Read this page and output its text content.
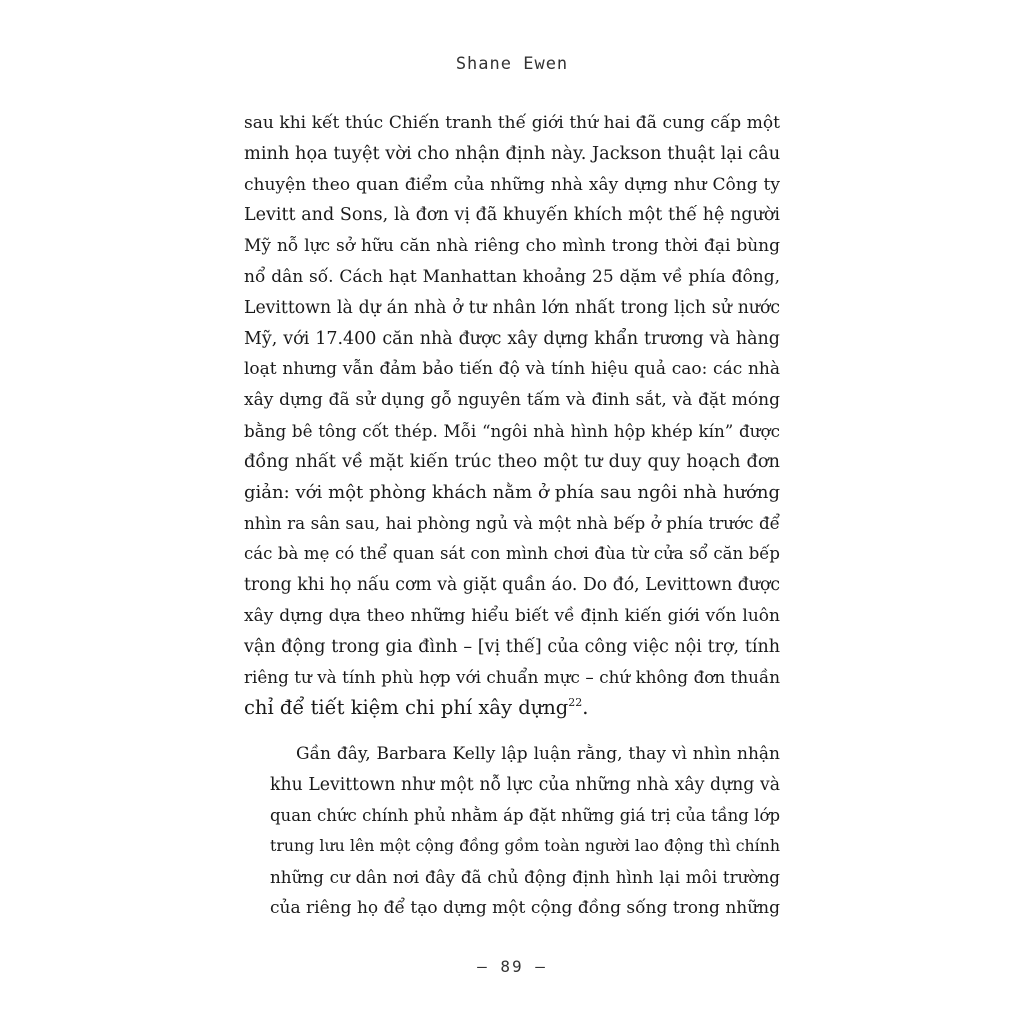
Shane Ewen
sau khi kết thúc Chiến tranh thế giới thứ hai đã cung cấp một
minh họa tuyệt vời cho nhận định này. Jackson thuật lại câu
chuyện theo quan điểm của những nhà xây dựng như Công ty
Levitt and Sons, là đơn vị đã khuyến khích một thế hệ người
Mỹ nỗ lực sở hữu căn nhà riêng cho mình trong thời đại bùng
nổ dân số. Cách hạt Manhattan khoảng 25 dặm về phía đông,
Levittown là dự án nhà ở tư nhân lớn nhất trong lịch sử nước
Mỹ, với 17.400 căn nhà được xây dựng khẩn trương và hàng
loạt nhưng vẫn đảm bảo tiến độ và tính hiệu quả cao: các nhà
xây dựng đã sử dụng gỗ nguyên tấm và đinh sắt, và đặt móng
bằng bê tông cốt thép. Mỗi “ngôi nhà hình hộp khép kín” được
đồng nhất về mặt kiến trúc theo một tư duy quy hoạch đơn
giản: với một phòng khách nằm ở phía sau ngôi nhà hướng
nhìn ra sân sau, hai phòng ngủ và một nhà bếp ở phía trước để
các bà mẹ có thể quan sát con mình chơi đùa từ cửa sổ căn bếp
trong khi họ nấu cơm và giặt quần áo. Do đó, Levittown được
xây dựng dựa theo những hiểu biết về định kiến giới vốn luôn
vận động trong gia đình – [vị thế] của công việc nội trợ, tính
riêng tư và tính phù hợp với chuẩn mực – chứ không đơn thuần
chỉ để tiết kiệm chi phí xây dựng$^{22}$.
Gần đây, Barbara Kelly lập luận rằng, thay vì nhìn nhận
khu Levittown như một nỗ lực của những nhà xây dựng và
quan chức chính phủ nhằm áp đặt những giá trị của tầng lớp
trung lưu lên một cộng đồng gồm toàn người lao động thì chính
những cư dân nơi đây đã chủ động định hình lại môi trường
của riêng họ để tạo dựng một cộng đồng sống trong những
– 89 –
